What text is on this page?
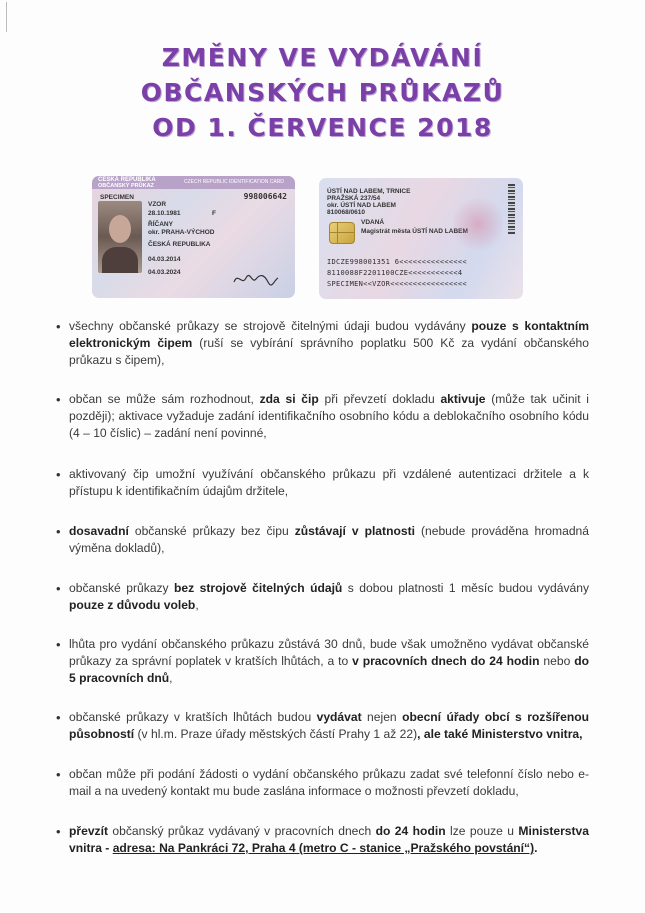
ZMĚNY VE VYDÁVÁNÍ
OBČANSKÝCH PRŮKAZŮ
OD 1. ČERVENCE 2018
ČESKÁ REPUBLIKA
OBČANSKÝ PRŮKAZ
CZECH REPUBLIC IDENTIFICATION CARD
998006642
SPECIMEN
VZOR
28.10.1981	F
ŘÍČANY
okr. PRAHA-VÝCHOD
ČESKÁ REPUBLIKA
04.03.2014
04.03.2024
ÚSTÍ NAD LABEM, TRNICE
PRAŽSKÁ 237/54
okr. ÚSTÍ NAD LABEM
810068/0610
VDANÁ
Magistrát města ÚSTÍ NAD LABEM
IDCZE998001351 6<<<<<<<<<<<<<<<
8110088F2201100CZE<<<<<<<<<<<4
SPECIMEN<<VZOR<<<<<<<<<<<<<<<<<
• všechny občanské průkazy se strojově čitelnými údaji budou vydávány pouze s kontaktním elektronickým čipem (ruší se vybírání správního poplatku 500 Kč za vydání občanského průkazu s čipem),
• občan se může sám rozhodnout, zda si čip při převzetí dokladu aktivuje (může tak učinit i později); aktivace vyžaduje zadání identifikačního osobního kódu a deblokačního osobního kódu (4 – 10 číslic) – zadání není povinné,
• aktivovaný čip umožní využívání občanského průkazu při vzdálené autentizaci držitele a k přístupu k identifikačním údajům držitele,
• dosavadní občanské průkazy bez čipu zůstávají v platnosti (nebude prováděna hromadná výměna dokladů),
• občanské průkazy bez strojově čitelných údajů s dobou platnosti 1 měsíc budou vydávány pouze z důvodu voleb,
• lhůta pro vydání občanského průkazu zůstává 30 dnů, bude však umožněno vydávat občanské průkazy za správní poplatek v kratších lhůtách, a to v pracovních dnech do 24 hodin nebo do 5 pracovních dnů,
• občanské průkazy v kratších lhůtách budou vydávat nejen obecní úřady obcí s rozšířenou působností (v hl.m. Praze úřady městských částí Prahy 1 až 22), ale také Ministerstvo vnitra,
• občan může při podání žádosti o vydání občanského průkazu zadat své telefonní číslo nebo e-mail a na uvedený kontakt mu bude zaslána informace o možnosti převzetí dokladu,
• převzít občanský průkaz vydávaný v pracovních dnech do 24 hodin lze pouze u Ministerstva vnitra - adresa: Na Pankráci 72, Praha 4 (metro C - stanice „Pražského povstání“).
